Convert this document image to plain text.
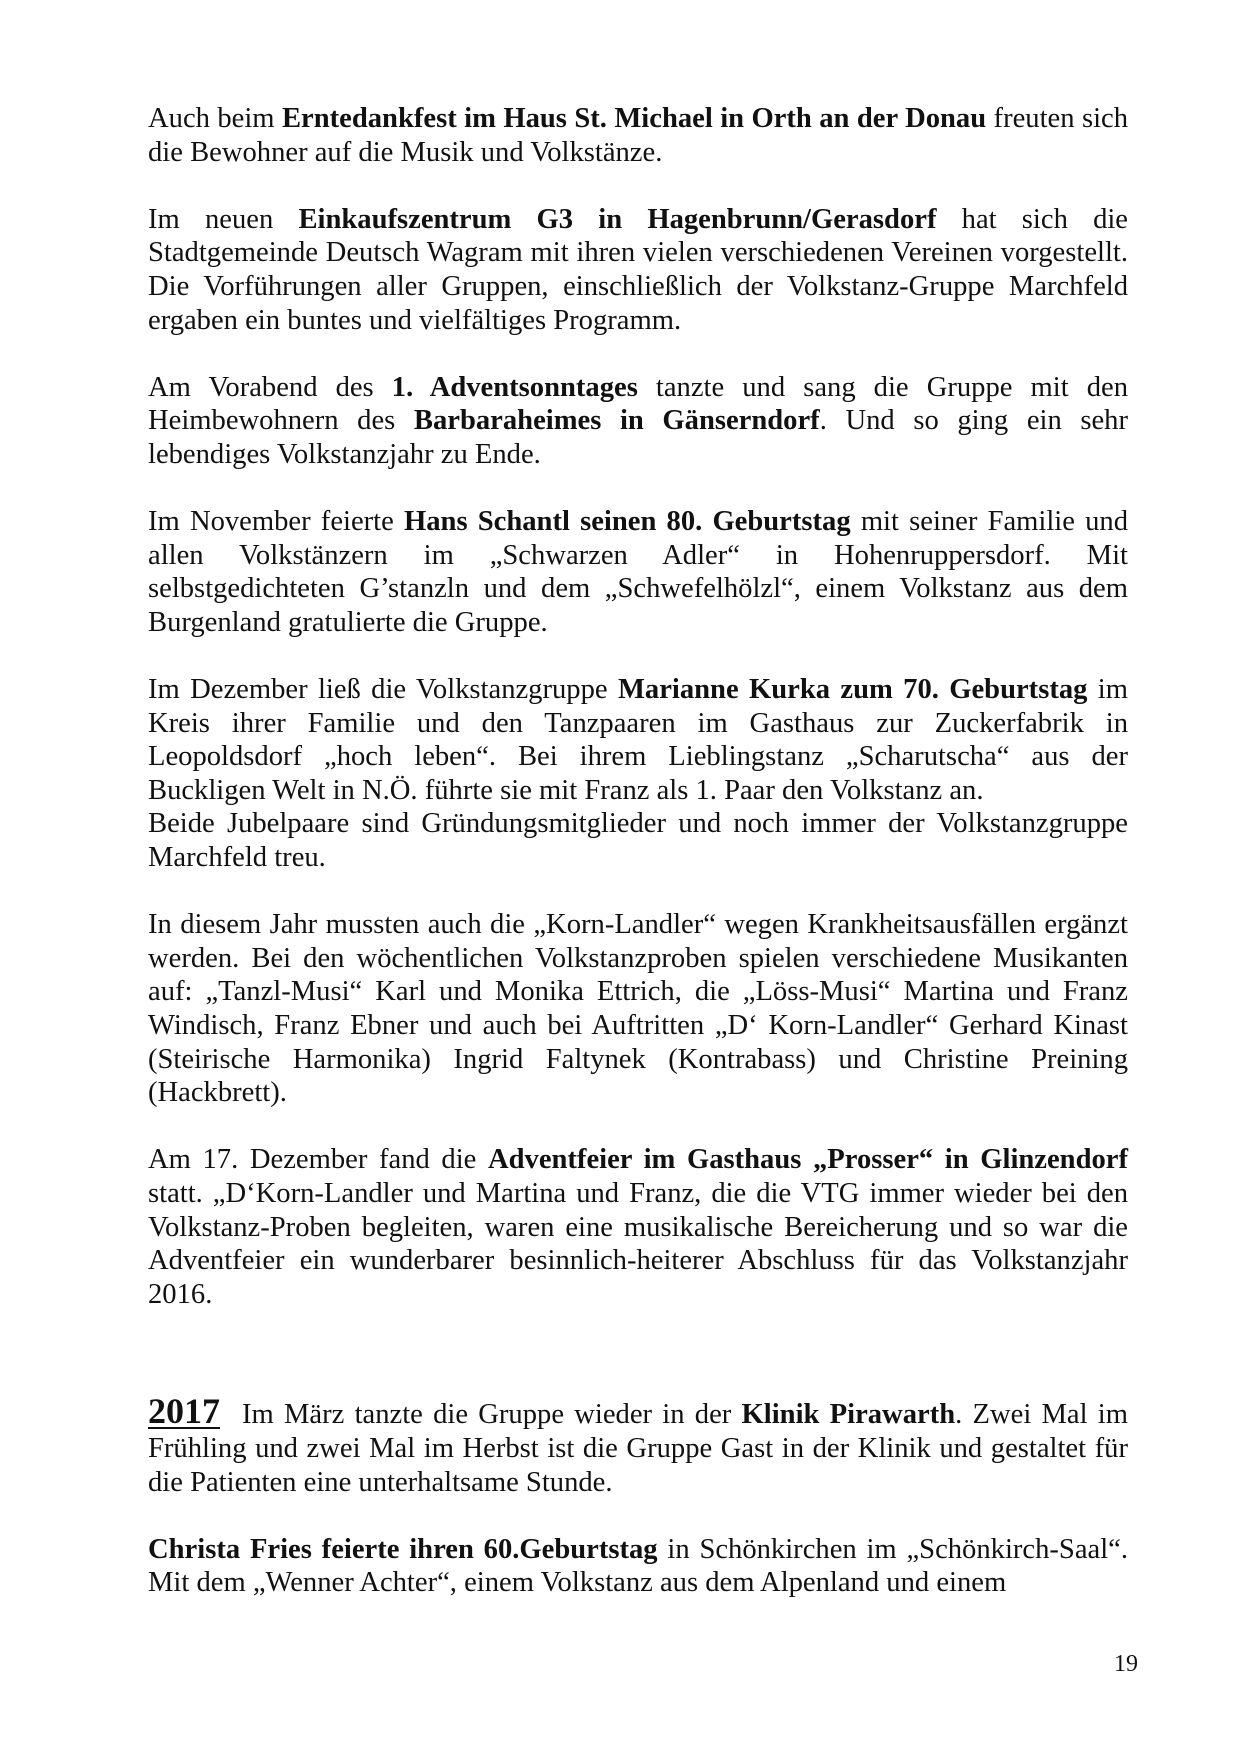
Auch beim Erntedankfest im Haus St. Michael in Orth an der Donau freuten sich die Bewohner auf die Musik und Volkstänze.

Im neuen Einkaufszentrum G3 in Hagenbrunn/Gerasdorf hat sich die Stadtgemeinde Deutsch Wagram mit ihren vielen verschiedenen Vereinen vorgestellt. Die Vorführungen aller Gruppen, einschließlich der Volkstanz-Gruppe Marchfeld ergaben ein buntes und vielfältiges Programm.

Am Vorabend des 1. Adventsonntages tanzte und sang die Gruppe mit den Heimbewohnern des Barbaraheimes in Gänserndorf. Und so ging ein sehr lebendiges Volkstanzjahr zu Ende.

Im November feierte Hans Schantl seinen 80. Geburtstag mit seiner Familie und allen Volkstänzern im „Schwarzen Adler“ in Hohenruppersdorf. Mit selbstgedichteten G’stanzln und dem „Schwefelhölzl“, einem Volkstanz aus dem Burgenland gratulierte die Gruppe.

Im Dezember ließ die Volkstanzgruppe Marianne Kurka zum 70. Geburtstag im Kreis ihrer Familie und den Tanzpaaren im Gasthaus zur Zuckerfabrik in Leopoldsdorf „hoch leben“. Bei ihrem Lieblingstanz „Scharutscha“ aus der Buckligen Welt in N.Ö. führte sie mit Franz als 1. Paar den Volkstanz an.

Beide Jubelpaare sind Gründungsmitglieder und noch immer der Volkstanzgruppe Marchfeld treu.

In diesem Jahr mussten auch die „Korn-Landler“ wegen Krankheitsausfällen ergänzt werden. Bei den wöchentlichen Volkstanzproben spielen verschiedene Musikanten auf: „Tanzl-Musi“ Karl und Monika Ettrich, die „Löss-Musi“ Martina und Franz Windisch, Franz Ebner und auch bei Auftritten „D‘ Korn-Landler“ Gerhard Kinast (Steirische Harmonika) Ingrid Faltynek (Kontrabass) und Christine Preining (Hackbrett).

Am 17. Dezember fand die Adventfeier im Gasthaus „Prosser“ in Glinzendorf statt. „D‘Korn-Landler und Martina und Franz, die die VTG immer wieder bei den Volkstanz-Proben begleiten, waren eine musikalische Bereicherung und so war die Adventfeier ein wunderbarer besinnlich-heiterer Abschluss für das Volkstanzjahr 2016.

2017 Im März tanzte die Gruppe wieder in der Klinik Pirawarth. Zwei Mal im Frühling und zwei Mal im Herbst ist die Gruppe Gast in der Klinik und gestaltet für die Patienten eine unterhaltsame Stunde.

Christa Fries feierte ihren 60.Geburtstag in Schönkirchen im „Schönkirch-Saal“. Mit dem „Wenner Achter“, einem Volkstanz aus dem Alpenland und einem

19
